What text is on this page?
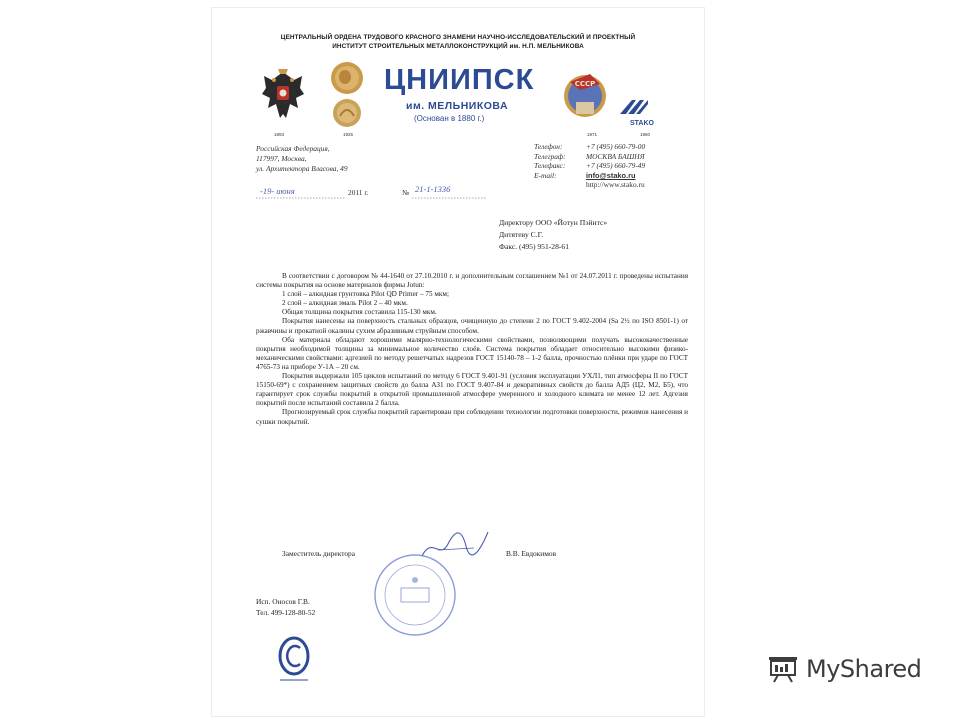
ЦЕНТРАЛЬНЫЙ ОРДЕНА ТРУДОВОГО КРАСНОГО ЗНАМЕНИ НАУЧНО-ИССЛЕДОВАТЕЛЬСКИЙ И ПРОЕКТНЫЙ
ИНСТИТУТ СТРОИТЕЛЬНЫХ МЕТАЛЛОКОНСТРУКЦИЙ им. Н.П. МЕЛЬНИКОВА
1893	1925
ЦНИИПСК
им. МЕЛЬНИКОВА
(Основан в 1880 г.)
СССР
1971
STAKO
1960
Российская Федерация,
117997, Москва,
ул. Архитектора Власова, 49
Телефон:	+7 (495) 660-79-00
Телеграф:	МОСКВА БАШНЯ
Телефакс:	+7 (495) 660-79-49
E-mail:	info@stako.ru
http://www.stako.ru
-19- июня	2011 г.	№ 21-1-1336
Директору ООО «Йотун Пэйнтс»
Дитятеву С.Г.
Факс. (495) 951-28-61

В соответствии с договором № 44-1640 от 27.10.2010 г. и дополнительным соглашением №1 от 24.07.2011 г. проведены испытания системы покрытия на основе материалов фирмы Jotun:

1 слой – алкидная грунтовка Pilot QD Primer – 75 мкм;

2 слой – алкидная эмаль Pilot 2 – 40 мкм.

Общая толщина покрытия составила 115-130 мкм.

Покрытия нанесены на поверхность стальных образцов, очищенную до степени 2 по ГОСТ 9.402-2004 (Sa 2½ по ISO 8501-1) от ржавчины и прокатной окалины сухим абразивным струйным способом.

Оба материала обладают хорошими малярно-технологическими свойствами, позволяющими получать высококачественные покрытия необходимой толщины за минимальное количество слоёв. Система покрытия обладает относительно высокими физико-механическими свойствами: адгезией по методу решетчатых надрезов ГОСТ 15140-78 – 1-2 балла, прочностью плёнки при ударе по ГОСТ 4765-73 на приборе У-1А – 20 см.

Покрытия выдержали 105 циклов испытаний по методу 6 ГОСТ 9.401-91 (условия эксплуатации УХЛ1, тип атмосферы II по ГОСТ 15150-69*) с сохранением защитных свойств до балла АЗ1 по ГОСТ 9.407-84 и декоративных свойств до балла АД5 (Ц2, М2, Б5), что гарантирует срок службы покрытий в открытой промышленной атмосфере умеренного и холодного климата не менее 12 лет. Адгезия покрытий после испытаний составила 2 балла.

Прогнозируемый срок службы покрытий гарантирован при соблюдении технологии подготовки поверхности, режимов нанесения и сушки покрытий.

Заместитель директора	В.В. Евдокимов
Исп. Оносов Г.В.
Тел. 499-128-80-52
MyShared
